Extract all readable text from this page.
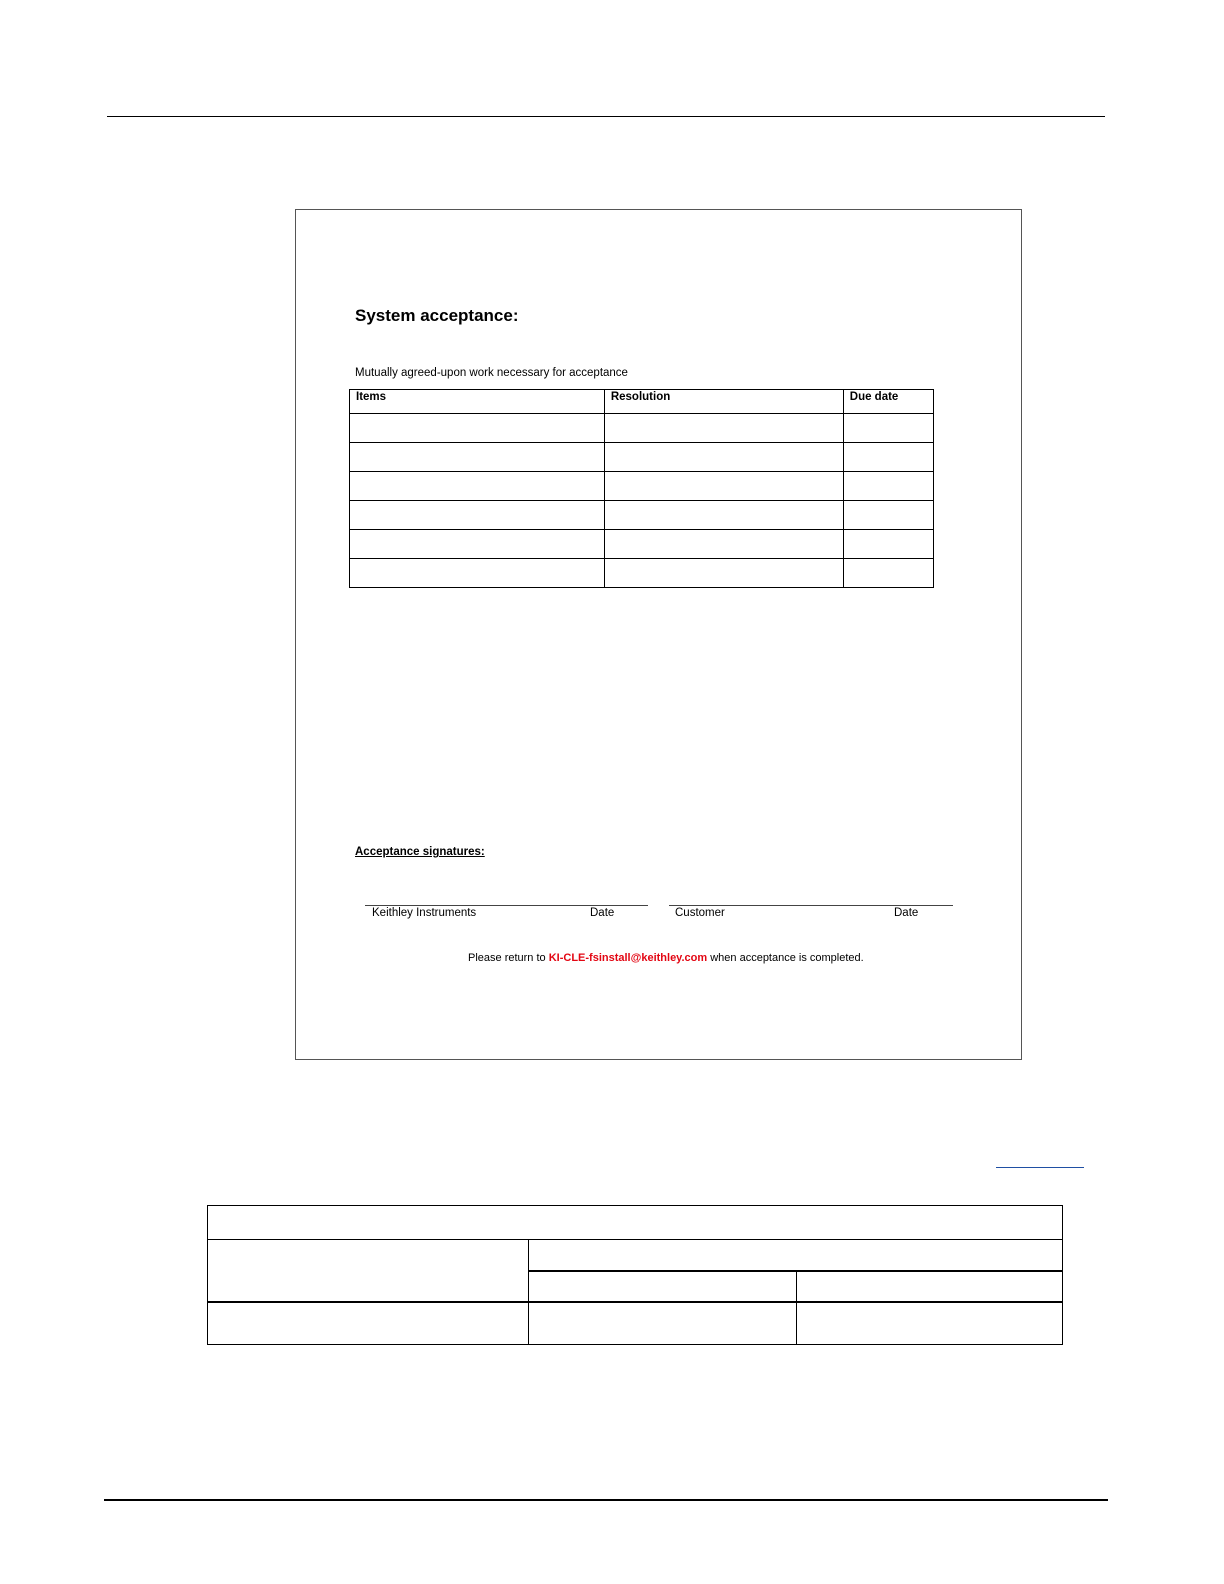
System acceptance:
Mutually agreed-upon work necessary for acceptance
Items	Resolution	Due date

Acceptance signatures:
Keithley Instruments	Date	Customer	Date
Please return to KI-CLE-fsinstall@keithley.com when acceptance is completed.
